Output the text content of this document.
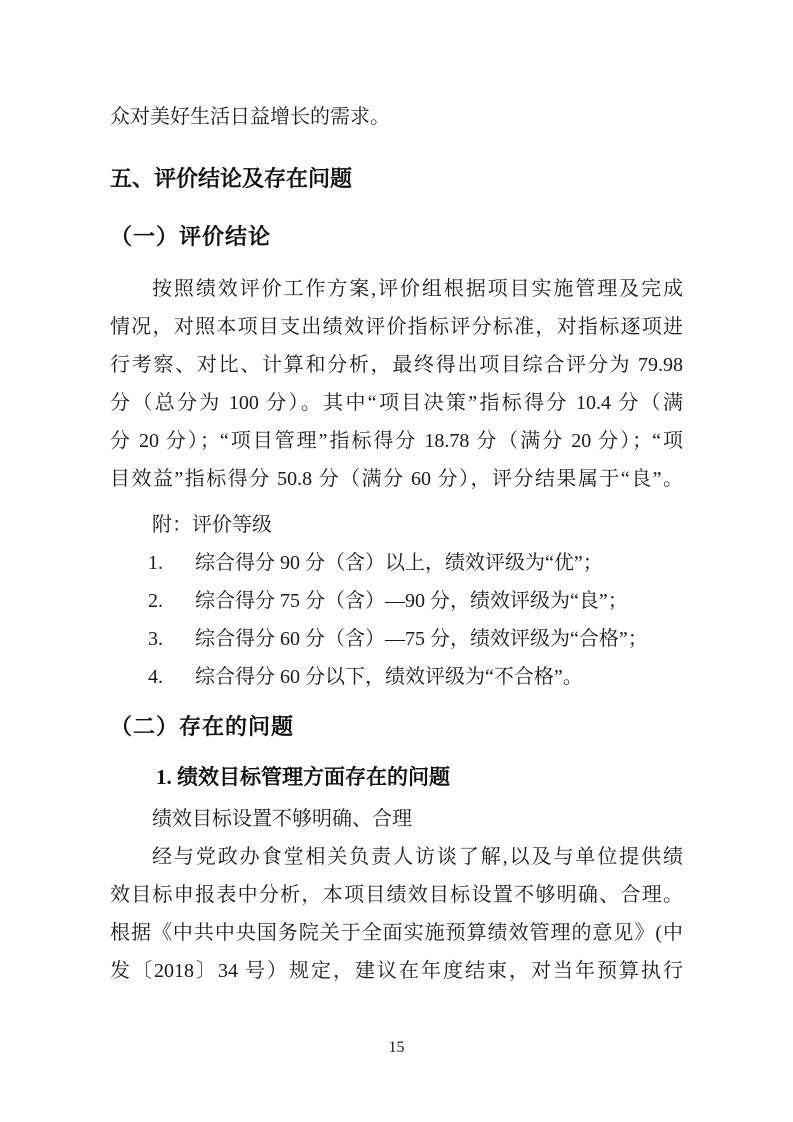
众对美好生活日益增长的需求。
五、评价结论及存在问题
（一）评价结论
按照绩效评价工作方案,评价组根据项目实施管理及完成
情况，对照本项目支出绩效评价指标评分标准，对指标逐项进
行考察、对比、计算和分析，最终得出项目综合评分为 79.98
分（总分为 100 分）。其中“项目决策”指标得分 10.4 分（满
分 20 分）；“项目管理”指标得分 18.78 分（满分 20 分）；“项
目效益”指标得分 50.8 分（满分 60 分），评分结果属于“良”。
附：评价等级
1. 综合得分 90 分（含）以上，绩效评级为“优”；
2. 综合得分 75 分（含）—90 分，绩效评级为“良”；
3. 综合得分 60 分（含）—75 分，绩效评级为“合格”；
4. 综合得分 60 分以下，绩效评级为“不合格”。
（二）存在的问题
1. 绩效目标管理方面存在的问题
绩效目标设置不够明确、合理
经与党政办食堂相关负责人访谈了解,以及与单位提供绩
效目标申报表中分析，本项目绩效目标设置不够明确、合理。
根据《中共中央国务院关于全面实施预算绩效管理的意见》(中
发〔2018〕34 号）规定，建议在年度结束，对当年预算执行
15
